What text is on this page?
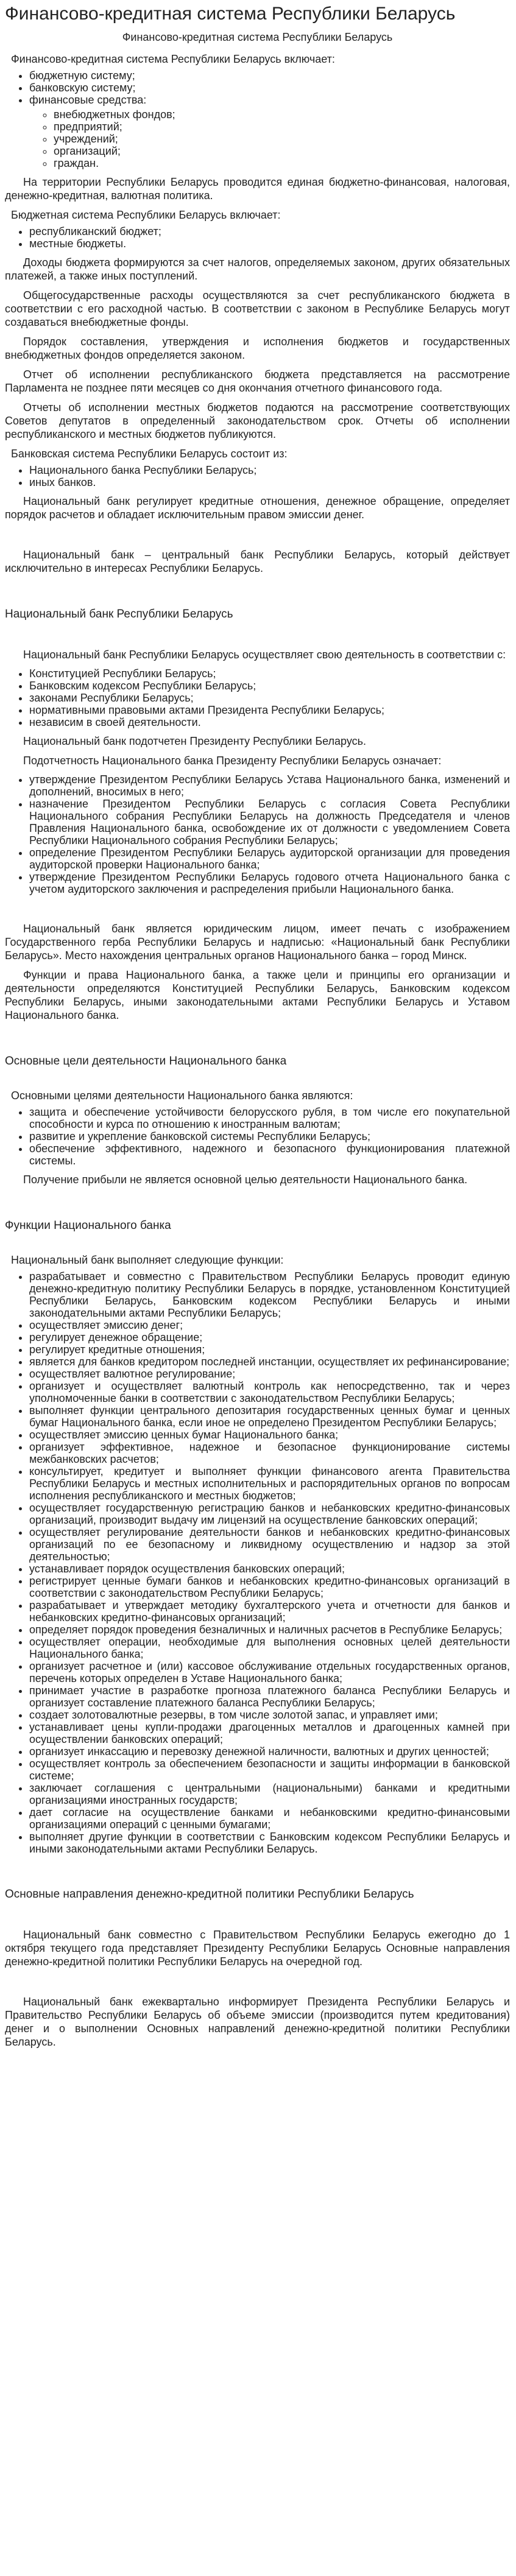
Финансово-кредитная система Республики Беларусь
Финансово-кредитная система Республики Беларусь
Финансово-кредитная система Республики Беларусь включает:
• бюджетную систему;
• банковскую систему;
• финансовые средства:
◦ внебюджетных фондов;
◦ предприятий;
◦ учреждений;
◦ организаций;
◦ граждан.

На территории Республики Беларусь проводится единая бюджетно-финансовая, налоговая, денежно-кредитная, валютная политика.

Бюджетная система Республики Беларусь включает:
• республиканский бюджет;
• местные бюджеты.

Доходы бюджета формируются за счет налогов, определяемых законом, других обязательных платежей, а также иных поступлений.

Общегосударственные расходы осуществляются за счет республиканского бюджета в соответствии с его расходной частью. В соответствии с законом в Республике Беларусь могут создаваться внебюджетные фонды.

Порядок составления, утверждения и исполнения бюджетов и государственных внебюджетных фондов определяется законом.

Отчет об исполнении республиканского бюджета представляется на рассмотрение Парламента не позднее пяти месяцев со дня окончания отчетного финансового года.

Отчеты об исполнении местных бюджетов подаются на рассмотрение соответствующих Советов депутатов в определенный законодательством срок. Отчеты об исполнении республиканского и местных бюджетов публикуются.

Банковская система Республики Беларусь состоит из:
• Национального банка Республики Беларусь;
• иных банков.

Национальный банк регулирует кредитные отношения, денежное обращение, определяет порядок расчетов и обладает исключительным правом эмиссии денег.

Национальный банк – центральный банк Республики Беларусь, который действует исключительно в интересах Республики Беларусь.

Национальный банк Республики Беларусь

Национальный банк Республики Беларусь осуществляет свою деятельность в соответствии с:

• Конституцией Республики Беларусь;
• Банковским кодексом Республики Беларусь;
• законами Республики Беларусь;
• нормативными правовыми актами Президента Республики Беларусь;
• независим в своей деятельности.

Национальный банк подотчетен Президенту Республики Беларусь.

Подотчетность Национального банка Президенту Республики Беларусь означает:

• утверждение Президентом Республики Беларусь Устава Национального банка, изменений и дополнений, вносимых в него;
• назначение Президентом Республики Беларусь с согласия Совета Республики Национального собрания Республики Беларусь на должность Председателя и членов Правления Национального банка, освобождение их от должности с уведомлением Совета Республики Национального собрания Республики Беларусь;
• определение Президентом Республики Беларусь аудиторской организации для проведения аудиторской проверки Национального банка;
• утверждение Президентом Республики Беларусь годового отчета Национального банка с учетом аудиторского заключения и распределения прибыли Национального банка.

Национальный банк является юридическим лицом, имеет печать с изображением Государственного герба Республики Беларусь и надписью: «Национальный банк Республики Беларусь». Место нахождения центральных органов Национального банка – город Минск.

Функции и права Национального банка, а также цели и принципы его организации и деятельности определяются Конституцией Республики Беларусь, Банковским кодексом Республики Беларусь, иными законодательными актами Республики Беларусь и Уставом Национального банка.

Основные цели деятельности Национального банка
Основными целями деятельности Национального банка являются:
• защита и обеспечение устойчивости белорусского рубля, в том числе его покупательной способности и курса по отношению к иностранным валютам;
• развитие и укрепление банковской системы Республики Беларусь;
• обеспечение эффективного, надежного и безопасного функционирования платежной системы.

Получение прибыли не является основной целью деятельности Национального банка.

Функции Национального банка
Национальный банк выполняет следующие функции:
• разрабатывает и совместно с Правительством Республики Беларусь проводит единую денежно-кредитную политику Республики Беларусь в порядке, установленном Конституцией Республики Беларусь, Банковским кодексом Республики Беларусь и иными законодательными актами Республики Беларусь;
• осуществляет эмиссию денег;
• регулирует денежное обращение;
• регулирует кредитные отношения;
• является для банков кредитором последней инстанции, осуществляет их рефинансирование;
• осуществляет валютное регулирование;
• организует и осуществляет валютный контроль как непосредственно, так и через уполномоченные банки в соответствии с законодательством Республики Беларусь;
• выполняет функции центрального депозитария государственных ценных бумаг и ценных бумаг Национального банка, если иное не определено Президентом Республики Беларусь;
• осуществляет эмиссию ценных бумаг Национального банка;
• организует эффективное, надежное и безопасное функционирование системы межбанковских расчетов;
• консультирует, кредитует и выполняет функции финансового агента Правительства Республики Беларусь и местных исполнительных и распорядительных органов по вопросам исполнения республиканского и местных бюджетов;
• осуществляет государственную регистрацию банков и небанковских кредитно-финансовых организаций, производит выдачу им лицензий на осуществление банковских операций;
• осуществляет регулирование деятельности банков и небанковских кредитно-финансовых организаций по ее безопасному и ликвидному осуществлению и надзор за этой деятельностью;
• устанавливает порядок осуществления банковских операций;
• регистрирует ценные бумаги банков и небанковских кредитно-финансовых организаций в соответствии с законодательством Республики Беларусь;
• разрабатывает и утверждает методику бухгалтерского учета и отчетности для банков и небанковских кредитно-финансовых организаций;
• определяет порядок проведения безналичных и наличных расчетов в Республике Беларусь;
• осуществляет операции, необходимые для выполнения основных целей деятельности Национального банка;
• организует расчетное и (или) кассовое обслуживание отдельных государственных органов, перечень которых определен в Уставе Национального банка;
• принимает участие в разработке прогноза платежного баланса Республики Беларусь и организует составление платежного баланса Республики Беларусь;
• создает золотовалютные резервы, в том числе золотой запас, и управляет ими;
• устанавливает цены купли-продажи драгоценных металлов и драгоценных камней при осуществлении банковских операций;
• организует инкассацию и перевозку денежной наличности, валютных и других ценностей;
• осуществляет контроль за обеспечением безопасности и защиты информации в банковской системе;
• заключает соглашения с центральными (национальными) банками и кредитными организациями иностранных государств;
• дает согласие на осуществление банками и небанковскими кредитно-финансовыми организациями операций с ценными бумагами;
• выполняет другие функции в соответствии с Банковским кодексом Республики Беларусь и иными законодательными актами Республики Беларусь.
Основные направления денежно-кредитной политики Республики Беларусь

Национальный банк совместно с Правительством Республики Беларусь ежегодно до 1 октября текущего года представляет Президенту Республики Беларусь Основные направления денежно-кредитной политики Республики Беларусь на очередной год.

Национальный банк ежеквартально информирует Президента Республики Беларусь и Правительство Республики Беларусь об объеме эмиссии (производится путем кредитования) денег и о выполнении Основных направлений денежно-кредитной политики Республики Беларусь.
